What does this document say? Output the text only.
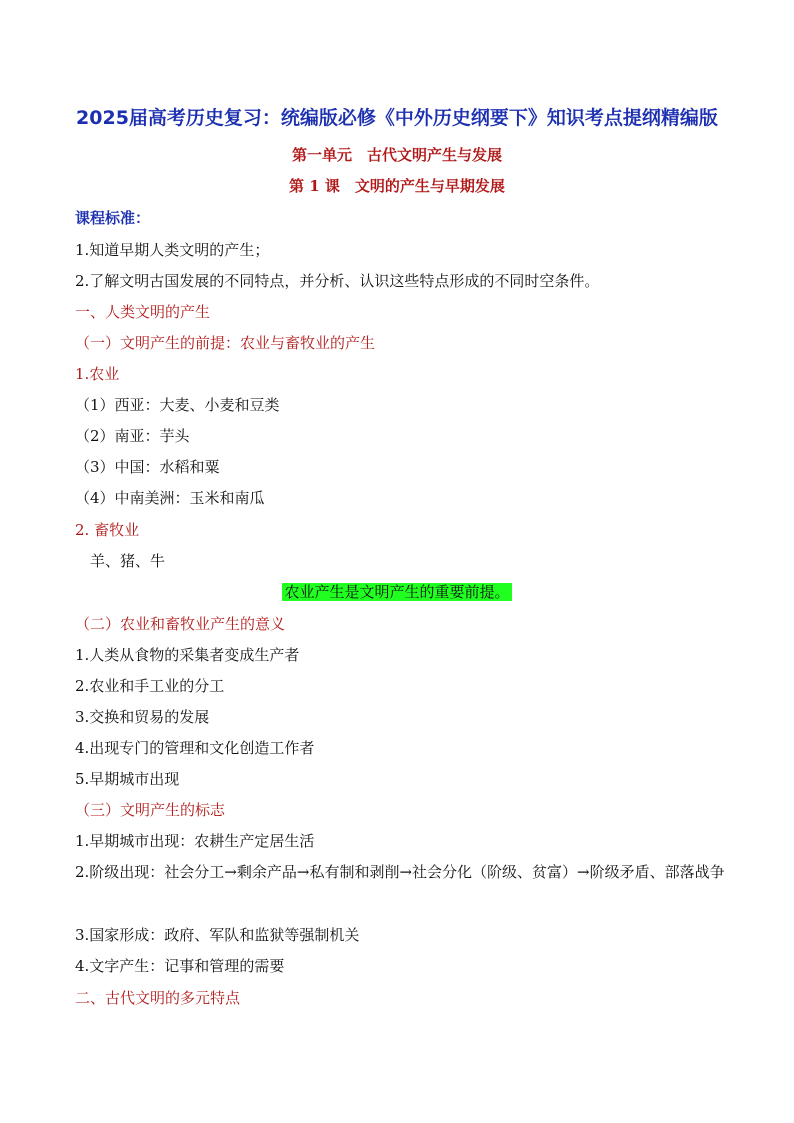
2025届高考历史复习：统编版必修《中外历史纲要下》知识考点提纲精编版
第一单元　古代文明产生与发展
第 1 课　文明的产生与早期发展
课程标准：
1.知道早期人类文明的产生；
2.了解文明古国发展的不同特点，并分析、认识这些特点形成的不同时空条件。
一、人类文明的产生
（一）文明产生的前提：农业与畜牧业的产生
1.农业
（1）西亚：大麦、小麦和豆类
（2）南亚：芋头
（3）中国：水稻和粟
（4）中南美洲：玉米和南瓜
2. 畜牧业
羊、猪、牛
农业产生是文明产生的重要前提。
（二）农业和畜牧业产生的意义
1.人类从食物的采集者变成生产者
2.农业和手工业的分工
3.交换和贸易的发展
4.出现专门的管理和文化创造工作者
5.早期城市出现
（三）文明产生的标志
1.早期城市出现：农耕生产定居生活
2.阶级出现：社会分工→剩余产品→私有制和剥削→社会分化（阶级、贫富）→阶级矛盾、部落战争
3.国家形成：政府、军队和监狱等强制机关
4.文字产生：记事和管理的需要
二、古代文明的多元特点
